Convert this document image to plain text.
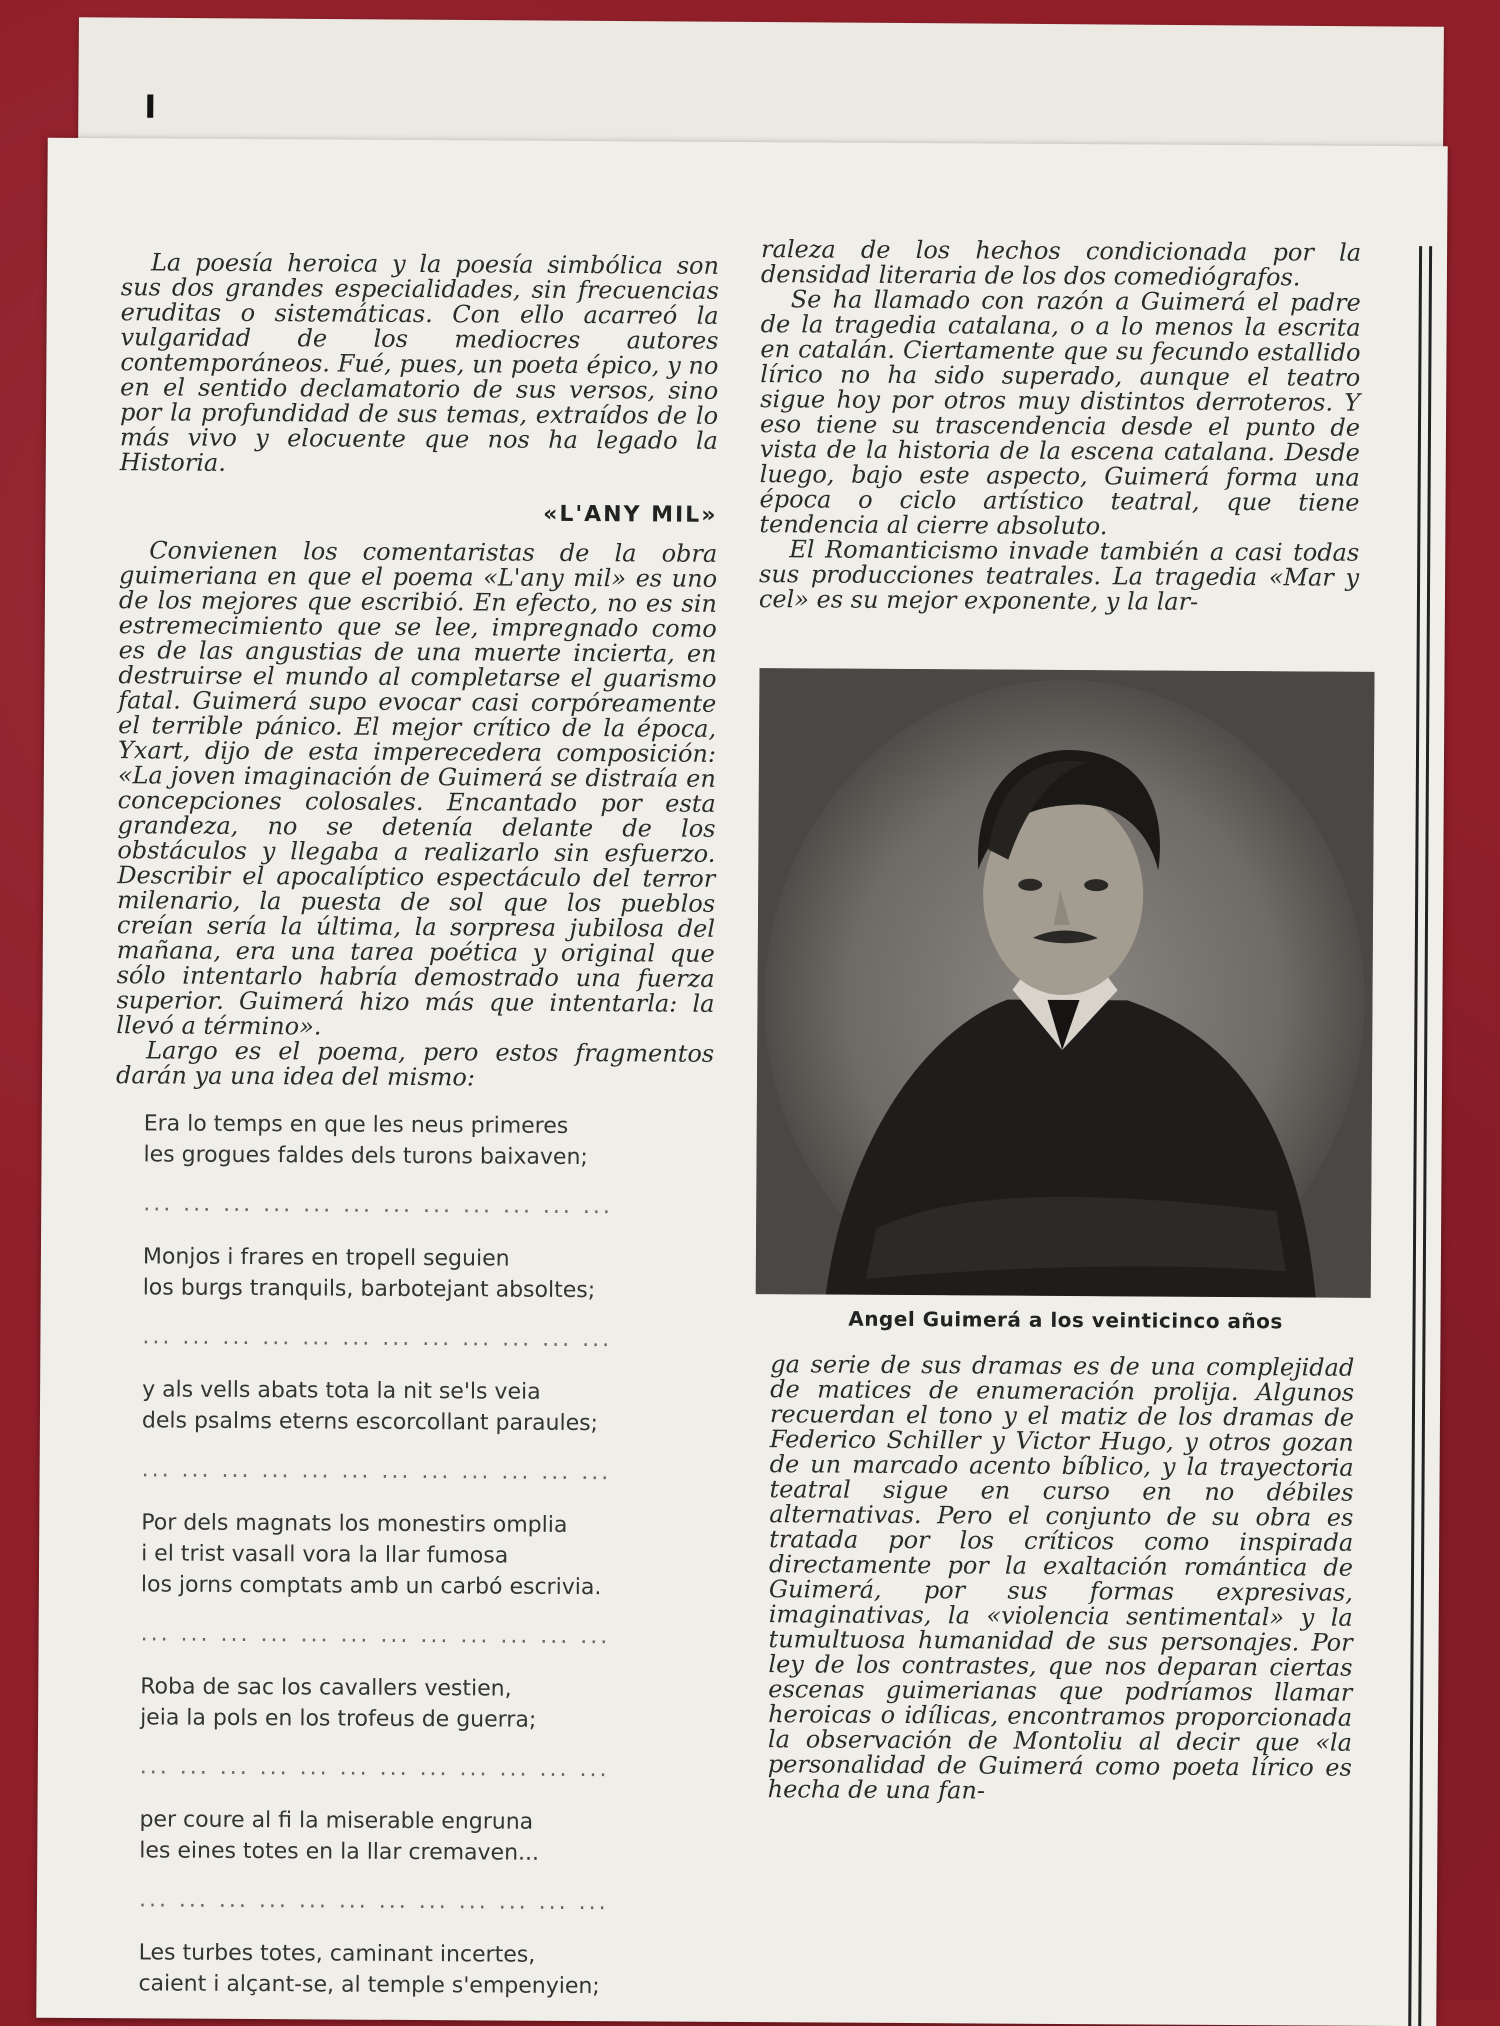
I

La poesía heroica y la poesía simbólica son sus dos grandes especialidades, sin frecuencias eruditas o sistemáticas. Con ello acarreó la vulgaridad de los mediocres autores contemporáneos. Fué, pues, un poeta épico, y no en el sentido declamatorio de sus versos, sino por la profundidad de sus temas, extraídos de lo más vivo y elocuente que nos ha legado la Historia.

«L'ANY MIL»

Convienen los comentaristas de la obra guimeriana en que el poema «L'any mil» es uno de los mejores que escribió. En efecto, no es sin estremecimiento que se lee, impregnado como es de las angustias de una muerte incierta, en destruirse el mundo al completarse el guarismo fatal. Guimerá supo evocar casi corpóreamente el terrible pánico. El mejor crítico de la época, Yxart, dijo de esta imperecedera composición: «La joven imaginación de Guimerá se distraía en concepciones colosales. Encantado por esta grandeza, no se detenía delante de los obstáculos y llegaba a realizarlo sin esfuerzo. Describir el apocalíptico espectáculo del terror milenario, la puesta de sol que los pueblos creían sería la última, la sorpresa jubilosa del mañana, era una tarea poética y original que sólo intentarlo habría demostrado una fuerza superior. Guimerá hizo más que intentarla: la llevó a término».

Largo es el poema, pero estos fragmentos darán ya una idea del mismo:

Era lo temps en que les neus primeres
les grogues faldes dels turons baixaven;
... ... ... ... ... ... ... ... ... ... ... ...
Monjos i frares en tropell seguien
los burgs tranquils, barbotejant absoltes;
... ... ... ... ... ... ... ... ... ... ... ...
y als vells abats tota la nit se'ls veia
dels psalms eterns escorcollant paraules;
... ... ... ... ... ... ... ... ... ... ... ...
Por dels magnats los monestirs omplia
i el trist vasall vora la llar fumosa
los jorns comptats amb un carbó escrivia.
... ... ... ... ... ... ... ... ... ... ... ...
Roba de sac los cavallers vestien,
jeia la pols en los trofeus de guerra;
... ... ... ... ... ... ... ... ... ... ... ...
per coure al fi la miserable engruna
les eines totes en la llar cremaven...
... ... ... ... ... ... ... ... ... ... ... ...
Les turbes totes, caminant incertes,
caient i alçant-se, al temple s'empenyien;

raleza de los hechos condicionada por la densidad literaria de los dos comediógrafos.

Se ha llamado con razón a Guimerá el padre de la tragedia catalana, o a lo menos la escrita en catalán. Ciertamente que su fecundo estallido lírico no ha sido superado, aunque el teatro sigue hoy por otros muy distintos derroteros. Y eso tiene su trascendencia desde el punto de vista de la historia de la escena catalana. Desde luego, bajo este aspecto, Guimerá forma una época o ciclo artístico teatral, que tiene tendencia al cierre absoluto.

El Romanticismo invade también a casi todas sus producciones teatrales. La tragedia «Mar y cel» es su mejor exponente, y la lar-

Angel Guimerá a los veinticinco años

ga serie de sus dramas es de una complejidad de matices de enumeración prolija. Algunos recuerdan el tono y el matiz de los dramas de Federico Schiller y Victor Hugo, y otros gozan de un marcado acento bíblico, y la trayectoria teatral sigue en curso en no débiles alternativas. Pero el conjunto de su obra es tratada por los críticos como inspirada directamente por la exaltación romántica de Guimerá, por sus formas expresivas, imaginativas, la «violencia sentimental» y la tumultuosa humanidad de sus personajes. Por ley de los contrastes, que nos deparan ciertas escenas guimerianas que podríamos llamar heroicas o idílicas, encontramos proporcionada la observación de Montoliu al decir que «la personalidad de Guimerá como poeta lírico es hecha de una fan-
